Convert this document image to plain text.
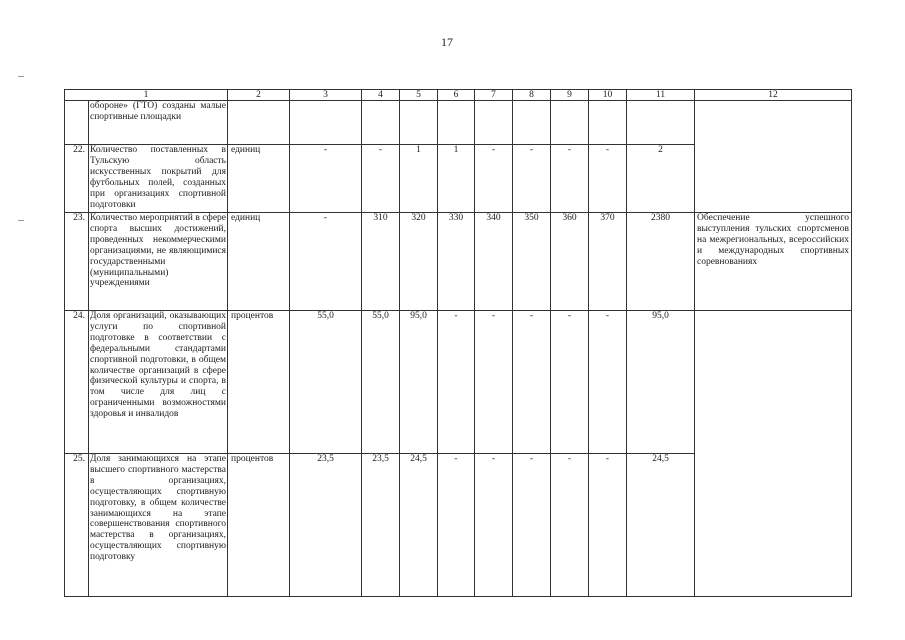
17
1		2	3	4	5	6	7	8	9	10	11	12
	оборонe» (ГТО) созданы малые спортивные площадки											
22.	Количество поставленных в Тульскую область искусственных покрытий для футбольных полей, созданных при организациях спортивной подготовки	единиц	-	-	1	1	-	-	-	-	2	
23.	Количество мероприятий в сфере спорта высших достижений, проведенных некоммерческими организациями, не являющимися государственными (муниципальными) учреждениями	единиц	-	310	320	330	340	350	360	370	2380	Обеспечение успешного выступления тульских спортсменов на межрегиональных, всероссийских и международных спортивных соревнованиях
24.	Доля организаций, оказывающих услуги по спортивной подготовке в соответствии с федеральными стандартами спортивной подготовки, в общем количестве организаций в сфере физической культуры и спорта, в том числе для лиц с ограниченными возможностями здоровья и инвалидов	процентов	55,0	55,0	95,0	-	-	-	-	-	95,0	
25.	Доля занимающихся на этапе высшего спортивного мастерства в организациях, осуществляющих спортивную подготовку, в общем количестве занимающихся на этапе совершенствования спортивного мастерства в организациях, осуществляющих спортивную подготовку	процентов	23,5	23,5	24,5	-	-	-	-	-	24,5	
